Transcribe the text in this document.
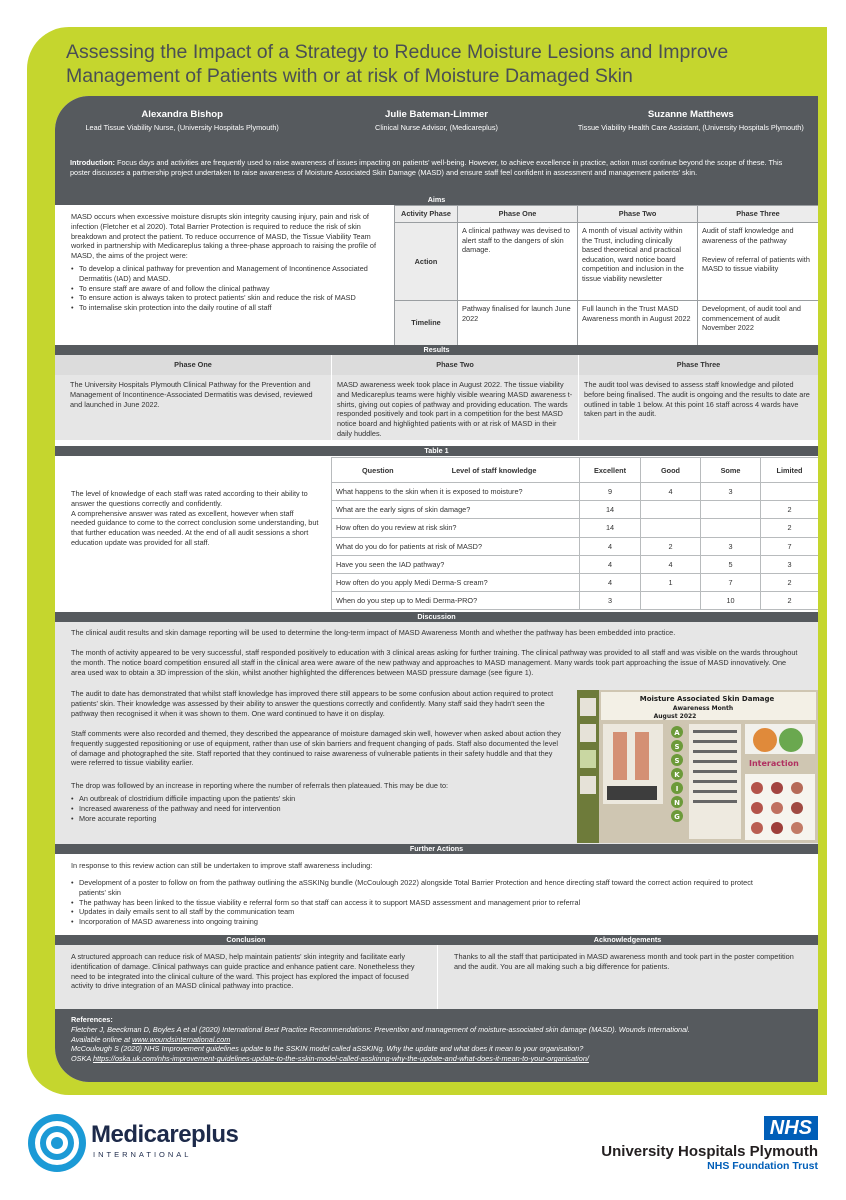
Assessing the Impact of a Strategy to Reduce Moisture Lesions and Improve
Management of Patients with or at risk of Moisture Damaged Skin
Alexandra Bishop
Lead Tissue Viability Nurse, (University Hospitals Plymouth)
Julie Bateman-Limmer
Clinical Nurse Advisor, (Medicareplus)
Suzanne Matthews
Tissue Viability Health Care Assistant, (University Hospitals Plymouth)
Introduction: Focus days and activities are frequently used to raise awareness of issues impacting on patients' well-being. However, to achieve excellence in practice, action must continue beyond the scope of these. This poster discusses a partnership project undertaken to raise awareness of Moisture Associated Skin Damage (MASD) and ensure staff feel confident in assessment and management patients' skin.
Aims

MASD occurs when excessive moisture disrupts skin integrity causing injury, pain and risk of infection (Fletcher et al 2020). Total Barrier Protection is required to reduce the risk of skin breakdown and protect the patient. To reduce occurrence of MASD, the Tissue Viability Team worked in partnership with Medicareplus taking a three-phase approach to raising the profile of MASD, the aims of the project were:

• To develop a clinical pathway for prevention and Management of Incontinence Associated Dermatitis (IAD) and MASD.
• To ensure staff are aware of and follow the clinical pathway
• To ensure action is always taken to protect patients' skin and reduce the risk of MASD
• To internalise skin protection into the daily routine of all staff
Activity Phase	Phase One	Phase Two	Phase Three
Action	A clinical pathway was devised to alert staff to the dangers of skin damage.	A month of visual activity within the Trust, including clinically based theoretical and practical education, ward notice board competition and inclusion in the tissue viability newsletter	Audit of staff knowledge and awareness of the pathway

Review of referral of patients with MASD to tissue viability
Timeline	Pathway finalised for launch June 2022	Full launch in the Trust MASD Awareness month in August 2022	Development, of audit tool and commencement of audit November 2022
Results
Phase One	Phase Two	Phase Three
The University Hospitals Plymouth Clinical Pathway for the Prevention and Management of Incontinence-Associated Dermatitis was devised, reviewed and launched in June 2022.
MASD awareness week took place in August 2022. The tissue viability and Medicareplus teams were highly visible wearing MASD awareness t-shirts, giving out copies of pathway and providing education. The wards responded positively and took part in a competition for the best MASD notice board and highlighted patients with or at risk of MASD in their daily huddles.
The audit tool was devised to assess staff knowledge and piloted before being finalised. The audit is ongoing and the results to date are outlined in table 1 below. At this point 16 staff across 4 wards have taken part in the audit.
Table 1

The level of knowledge of each staff was rated according to their ability to answer the questions correctly and confidently.

A comprehensive answer was rated as excellent, however when staff needed guidance to come to the correct conclusion some understanding, but that further education was needed. At the end of all audit sessions a short education update was provided for all staff.

Question Level of staff knowledge	Excellent	Good	Some	Limited
What happens to the skin when it is exposed to moisture?	9	4	3	
What are the early signs of skin damage?	14			2
How often do you review at risk skin?	14			2
What do you do for patients at risk of MASD?	4	2	3	7
Have you seen the IAD pathway?	4	4	5	3
How often do you apply Medi Derma-S cream?	4	1	7	2
When do you step up to Medi Derma-PRO?	3		10	2
Discussion

The clinical audit results and skin damage reporting will be used to determine the long-term impact of MASD Awareness Month and whether the pathway has been embedded into practice.

The month of activity appeared to be very successful, staff responded positively to education with 3 clinical areas asking for further training. The clinical pathway was provided to all staff and was visible on the wards throughout the month. The notice board competition ensured all staff in the clinical area were aware of the new pathway and approaches to MASD management. Many wards took part approaching the issue of MASD innovatively. One area used wax to obtain a 3D impression of the skin, whilst another highlighted the differences between MASD pressure damage (see figure 1).

The audit to date has demonstrated that whilst staff knowledge has improved there still appears to be some confusion about action required to protect patients' skin. Their knowledge was assessed by their ability to answer the questions correctly and confidently. Many staff said they hadn't seen the pathway then recognised it when it was shown to them. One ward continued to have it on display.

Staff comments were also recorded and themed, they described the appearance of moisture damaged skin well, however when asked about action they frequently suggested repositioning or use of equipment, rather than use of skin barriers and frequent changing of pads. Staff also documented the level of damage and photographed the site. Staff reported that they continued to raise awareness of vulnerable patients in their safety huddle and that they were referred to tissue viability earlier.

The drop was followed by an increase in reporting where the number of referrals then plateaued. This may be due to:

• An outbreak of clostridium difficile impacting upon the patients' skin
• Increased awareness of the pathway and need for intervention
• More accurate reporting
Moisture Associated Skin Damage
Awareness Month
August 2022
A
S
S
K
I
N
G
Interaction
Further Actions

In response to this review action can still be undertaken to improve staff awareness including:

• Development of a poster to follow on from the pathway outlining the aSSKINg bundle (McCoulough 2022) alongside Total Barrier Protection and hence directing staff toward the correct action required to protect patients' skin
• The pathway has been linked to the tissue viability e referral form so that staff can access it to support MASD assessment and management prior to referral
• Updates in daily emails sent to all staff by the communication team
• Incorporation of MASD awareness into ongoing training
Conclusion	Acknowledgements
A structured approach can reduce risk of MASD, help maintain patients' skin integrity and facilitate early identification of damage. Clinical pathways can guide practice and enhance patient care. Nonetheless they need to be integrated into the clinical culture of the ward. This project has explored the impact of focused activity to drive integration of an MASD clinical pathway into practice.
Thanks to all the staff that participated in MASD awareness month and took part in the poster competition and the audit. You are all making such a big difference for patients.
References:
Fletcher J, Beeckman D, Boyles A et al (2020) International Best Practice Recommendations: Prevention and management of moisture-associated skin damage (MASD). Wounds International.
Available online at www.woundsinternational.com
McCoulough S (2020) NHS Improvement guidelines update to the SSKIN model called aSSKINg. Why the update and what does it mean to your organisation?
OSKA https://oska.uk.com/nhs-improvement-guidelines-update-to-the-sskin-model-called-asskinng-why-the-update-and-what-does-it-mean-to-your-organisation/
Medicareplus
INTERNATIONAL
NHS
University Hospitals Plymouth
NHS Foundation Trust
